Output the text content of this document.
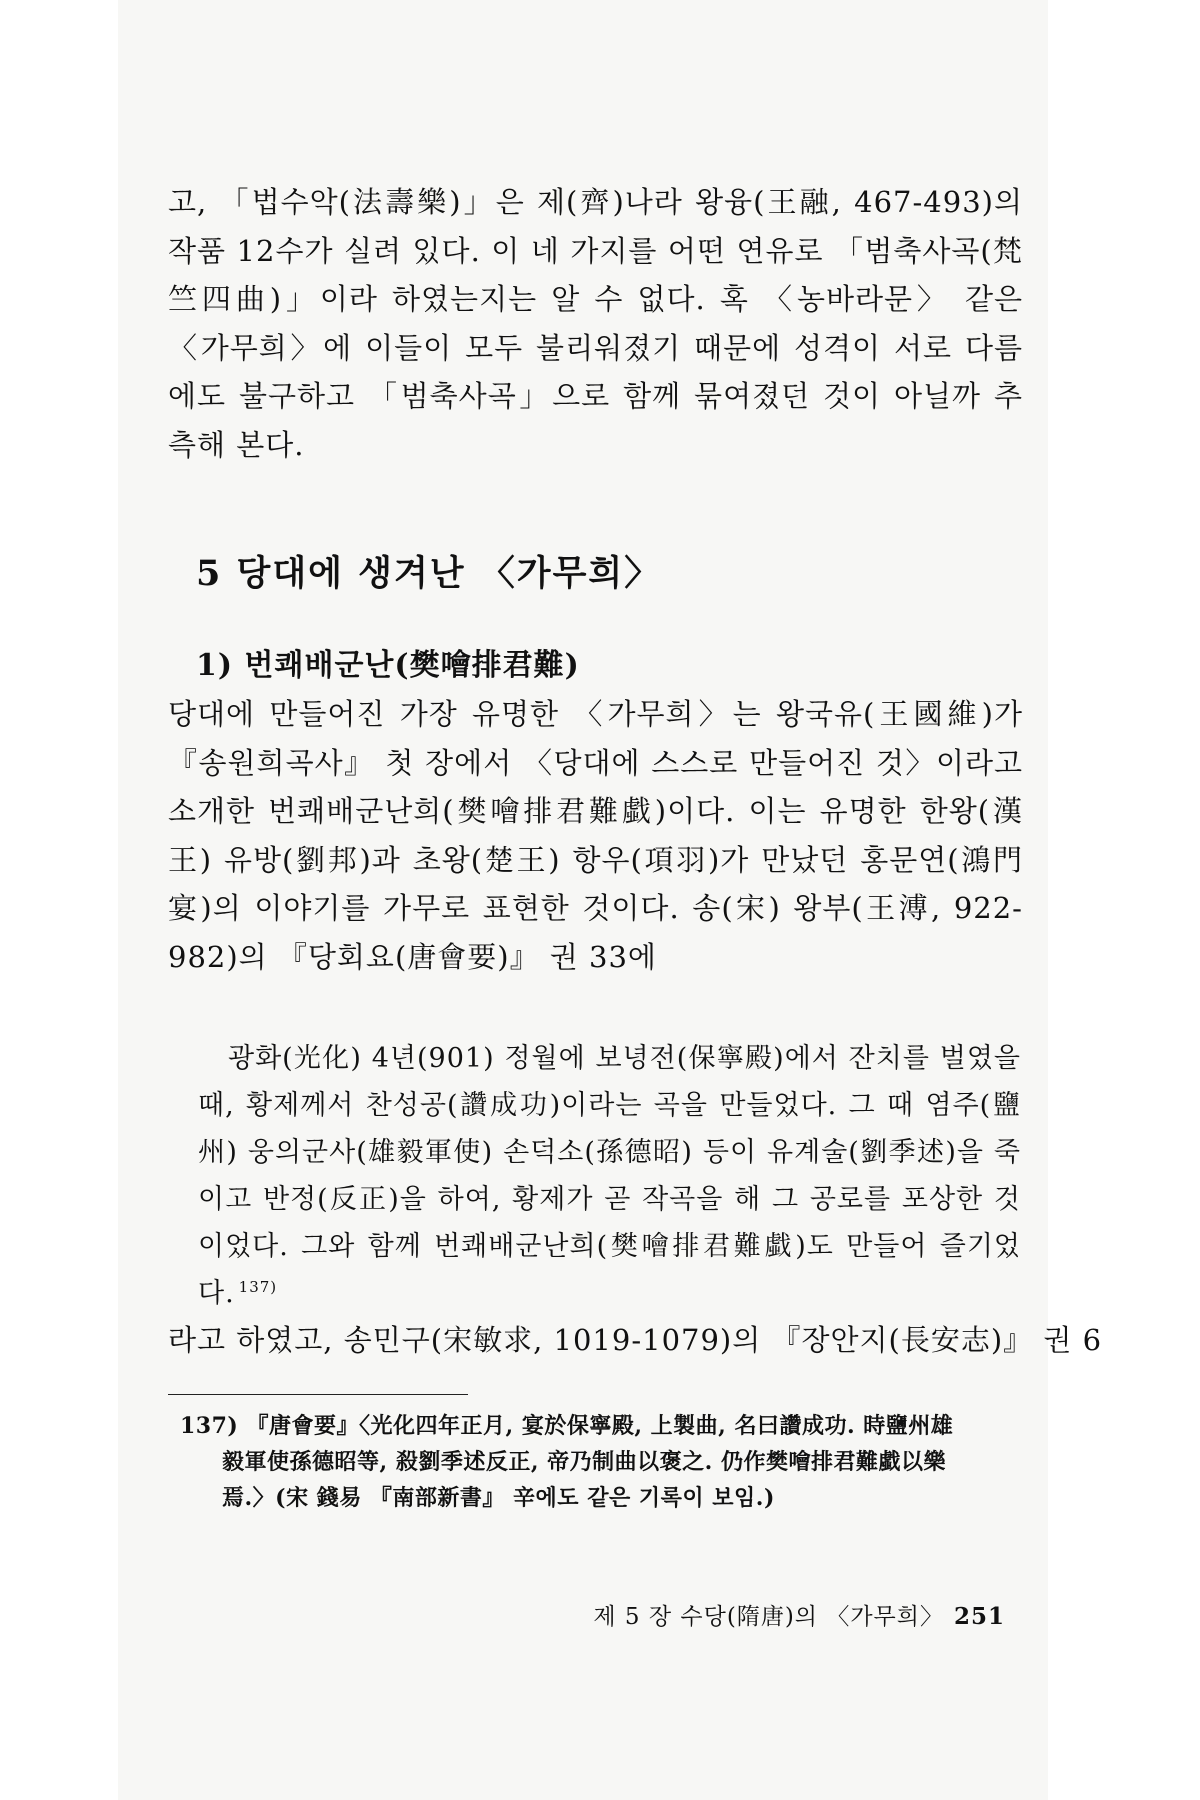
고, 「법수악(法壽樂)」은 제(齊)나라 왕융(王融, 467-493)의 작품 12수가 실려 있다. 이 네 가지를 어떤 연유로 「범축사곡(梵竺四曲)」이라 하였는지는 알 수 없다. 혹 〈농바라문〉 같은 〈가무희〉에 이들이 모두 불리워졌기 때문에 성격이 서로 다름에도 불구하고 「범축사곡」으로 함께 묶여졌던 것이 아닐까 추측해 본다.
5 당대에 생겨난 〈가무희〉
1) 번쾌배군난(樊噲排君難)
당대에 만들어진 가장 유명한 〈가무희〉는 왕국유(王國維)가 『송원희곡사』 첫 장에서 〈당대에 스스로 만들어진 것〉이라고 소개한 번쾌배군난희(樊噲排君難戱)이다. 이는 유명한 한왕(漢王) 유방(劉邦)과 초왕(楚王) 항우(項羽)가 만났던 홍문연(鴻門宴)의 이야기를 가무로 표현한 것이다. 송(宋) 왕부(王溥, 922-982)의 『당회요(唐會要)』 권 33에
광화(光化) 4년(901) 정월에 보녕전(保寧殿)에서 잔치를 벌였을 때, 황제께서 찬성공(讚成功)이라는 곡을 만들었다. 그 때 염주(鹽州) 웅의군사(雄毅軍使) 손덕소(孫德昭) 등이 유계술(劉季述)을 죽이고 반정(反正)을 하여, 황제가 곧 작곡을 해 그 공로를 포상한 것이었다. 그와 함께 번쾌배군난희(樊噲排君難戱)도 만들어 즐기었다. $^{137)}$
라고 하였고, 송민구(宋敏求, 1019-1079)의 『장안지(長安志)』 권 6
137) 『唐會要』〈光化四年正月, 宴於保寧殿, 上製曲, 名曰讚成功. 時鹽州雄
毅軍使孫德昭等, 殺劉季述反正, 帝乃制曲以褒之. 仍作樊噲排君難戱以樂
焉.〉(宋 錢易 『南部新書』 辛에도 같은 기록이 보임.)
제 5 장 수당(隋唐)의 〈가무희〉 251
